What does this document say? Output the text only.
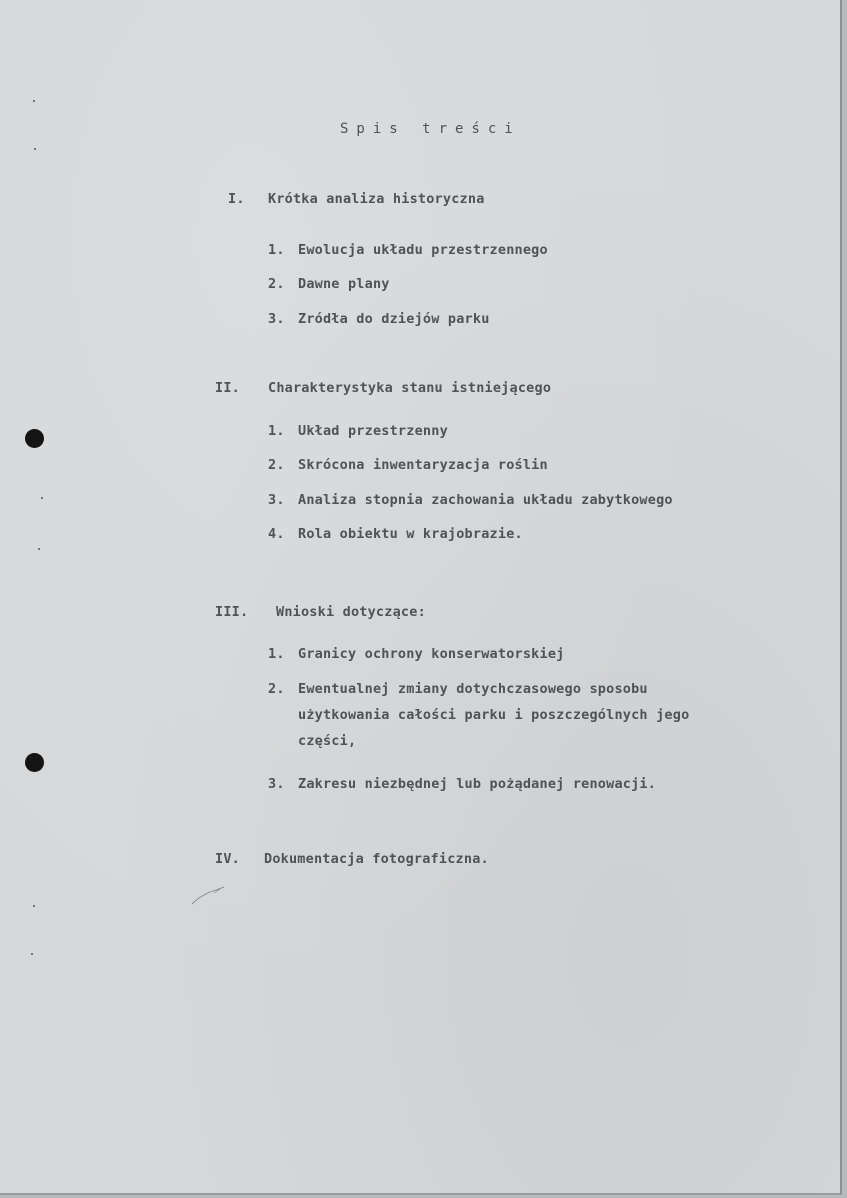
Spis treści
I. Krótka analiza historyczna
1. Ewolucja układu przestrzennego
2. Dawne plany
3. Zródła do dziejów parku
II. Charakterystyka stanu istniejącego
1. Układ przestrzenny
2. Skrócona inwentaryzacja roślin
3. Analiza stopnia zachowania układu zabytkowego
4. Rola obiektu w krajobrazie.
III. Wnioski dotyczące:
1. Granicy ochrony konserwatorskiej
2. Ewentualnej zmiany dotychczasowego sposobu
użytkowania całości parku i poszczególnych jego
części,
3. Zakresu niezbędnej lub pożądanej renowacji.
IV. Dokumentacja fotograficzna.
